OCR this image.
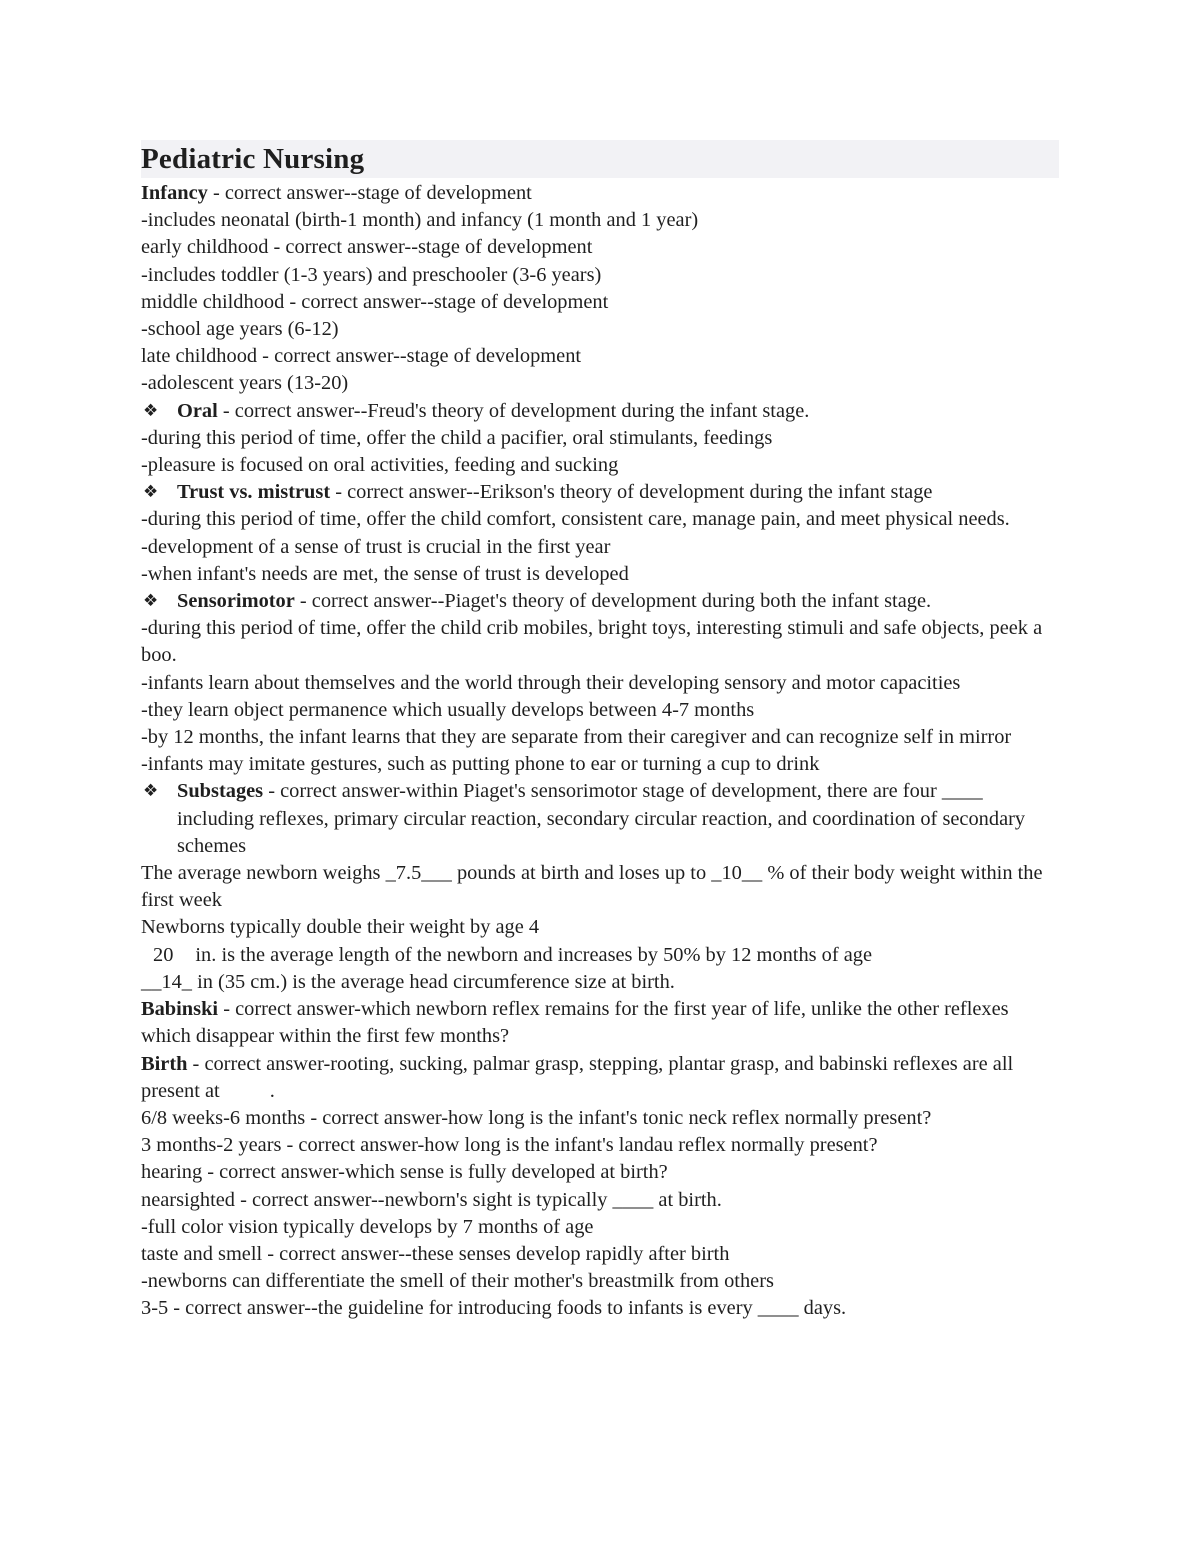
Pediatric Nursing
Infancy - correct answer--stage of development
-includes neonatal (birth-1 month) and infancy (1 month and 1 year)
early childhood - correct answer--stage of development
-includes toddler (1-3 years) and preschooler (3-6 years)
middle childhood - correct answer--stage of development
-school age years (6-12)
late childhood - correct answer--stage of development
-adolescent years (13-20)
❖ Oral - correct answer--Freud's theory of development during the infant stage.
-during this period of time, offer the child a pacifier, oral stimulants, feedings
-pleasure is focused on oral activities, feeding and sucking
❖ Trust vs. mistrust - correct answer--Erikson's theory of development during the infant stage
-during this period of time, offer the child comfort, consistent care, manage pain, and meet physical needs.
-development of a sense of trust is crucial in the first year
-when infant's needs are met, the sense of trust is developed
❖ Sensorimotor - correct answer--Piaget's theory of development during both the infant stage.
-during this period of time, offer the child crib mobiles, bright toys, interesting stimuli and safe objects, peek a boo.
-infants learn about themselves and the world through their developing sensory and motor capacities
-they learn object permanence which usually develops between 4-7 months
-by 12 months, the infant learns that they are separate from their caregiver and can recognize self in mirror
-infants may imitate gestures, such as putting phone to ear or turning a cup to drink
❖ Substages - correct answer-within Piaget's sensorimotor stage of development, there are four ____ including reflexes, primary circular reaction, secondary circular reaction, and coordination of secondary schemes
The average newborn weighs _7.5___ pounds at birth and loses up to _10__ % of their body weight within the first week
Newborns typically double their weight by age 4
20 in. is the average length of the newborn and increases by 50% by 12 months of age
__14_ in (35 cm.) is the average head circumference size at birth.
Babinski - correct answer-which newborn reflex remains for the first year of life, unlike the other reflexes which disappear within the first few months?
Birth - correct answer-rooting, sucking, palmar grasp, stepping, plantar grasp, and babinski reflexes are all present at .
6/8 weeks-6 months - correct answer-how long is the infant's tonic neck reflex normally present?
3 months-2 years - correct answer-how long is the infant's landau reflex normally present?
hearing - correct answer-which sense is fully developed at birth?
nearsighted - correct answer--newborn's sight is typically ____ at birth.
-full color vision typically develops by 7 months of age
taste and smell - correct answer--these senses develop rapidly after birth
-newborns can differentiate the smell of their mother's breastmilk from others
3-5 - correct answer--the guideline for introducing foods to infants is every ____ days.
